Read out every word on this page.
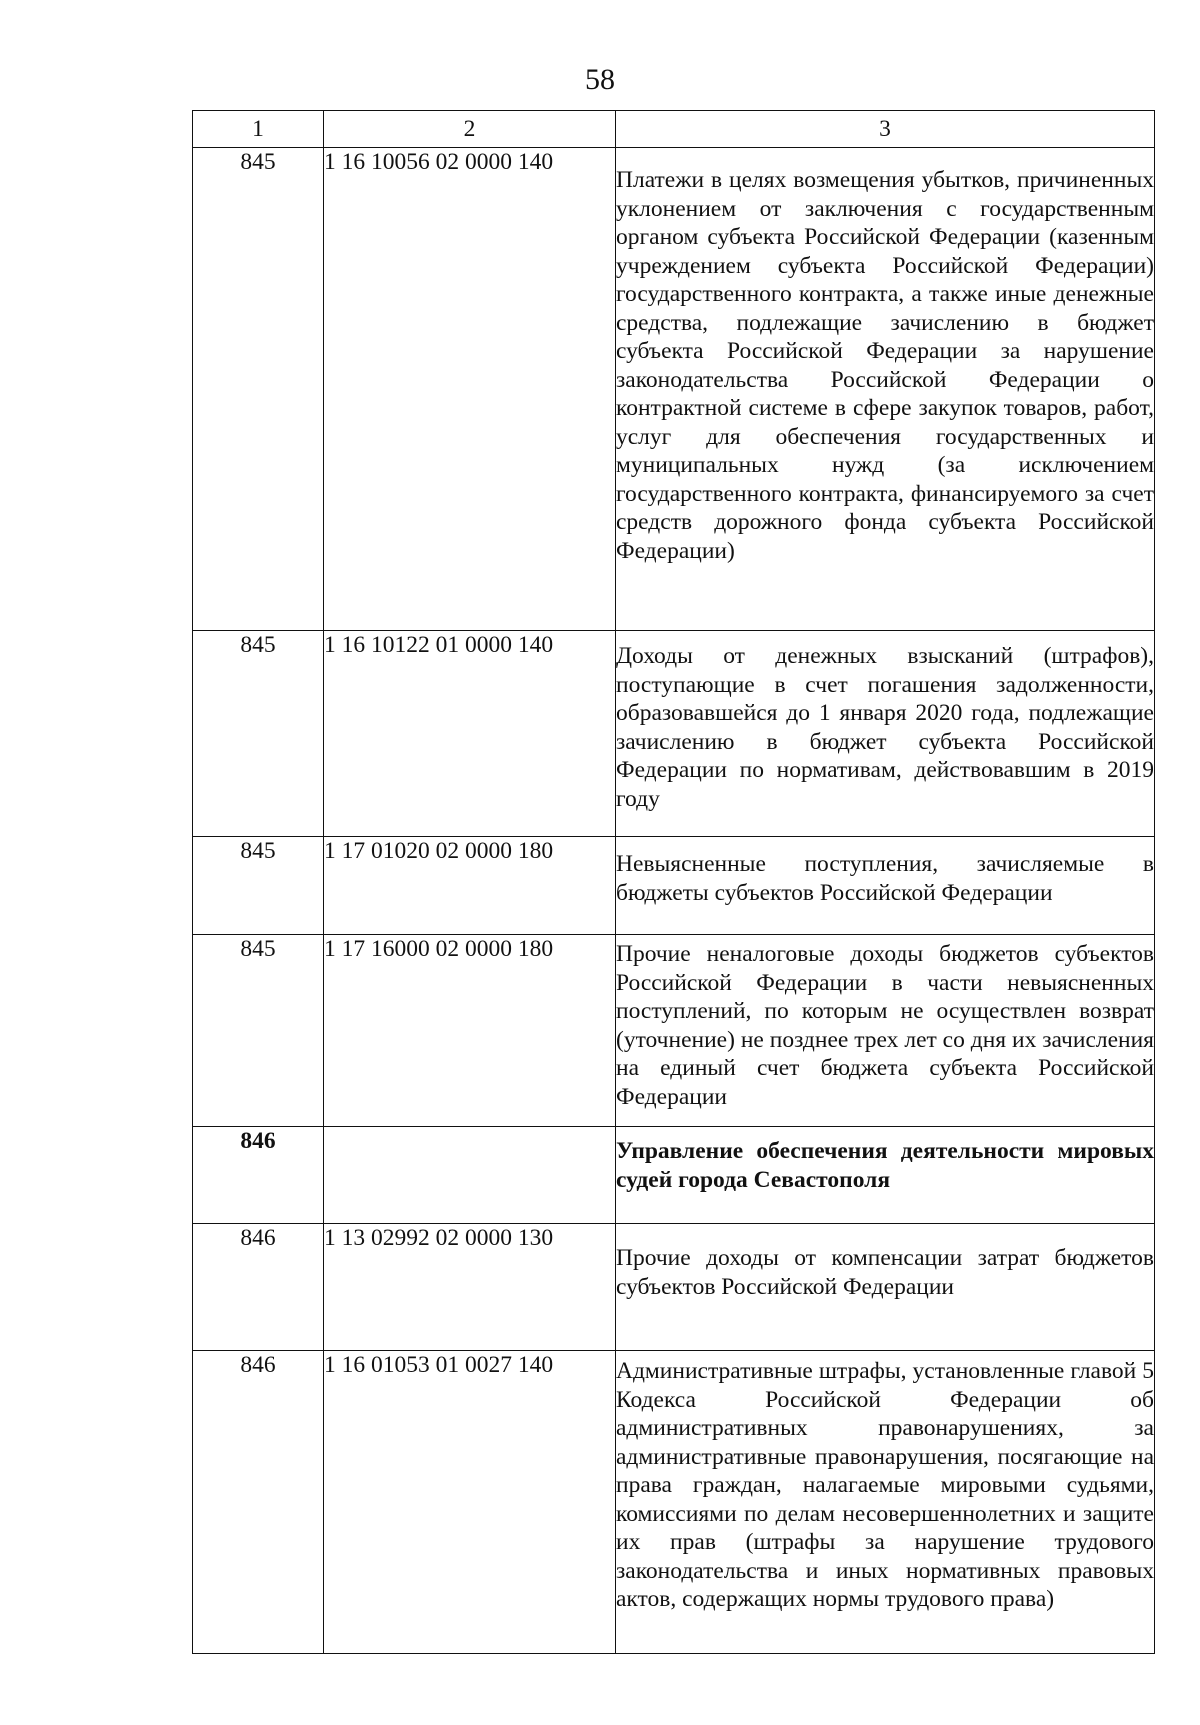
58
1	2	3
845	1 16 10056 02 0000 140	Платежи в целях возмещения убытков, причиненных уклонением от заключения с государственным органом субъекта Российской Федерации (казенным учреждением субъекта Российской Федерации) государственного контракта, а также иные денежные средства, подлежащие зачислению в бюджет субъекта Российской Федерации за нарушение законодательства Российской Федерации о контрактной системе в сфере закупок товаров, работ, услуг для обеспечения государственных и муниципальных нужд (за исключением государственного контракта, финансируемого за счет средств дорожного фонда субъекта Российской Федерации)
845	1 16 10122 01 0000 140	Доходы от денежных взысканий (штрафов), поступающие в счет погашения задолженности, образовавшейся до 1 января 2020 года, подлежащие зачислению в бюджет субъекта Российской Федерации по нормативам, действовавшим в 2019 году
845	1 17 01020 02 0000 180	Невыясненные поступления, зачисляемые в бюджеты субъектов Российской Федерации
845	1 17 16000 02 0000 180	Прочие неналоговые доходы бюджетов субъектов Российской Федерации в части невыясненных поступлений, по которым не осуществлен возврат (уточнение) не позднее трех лет со дня их зачисления на единый счет бюджета субъекта Российской Федерации
846		Управление обеспечения деятельности мировых судей города Севастополя
846	1 13 02992 02 0000 130	Прочие доходы от компенсации затрат бюджетов субъектов Российской Федерации
846	1 16 01053 01 0027 140	Административные штрафы, установленные главой 5 Кодекса Российской Федерации об административных правонарушениях, за административные правонарушения, посягающие на права граждан, налагаемые мировыми судьями, комиссиями по делам несовершеннолетних и защите их прав (штрафы за нарушение трудового законодательства и иных нормативных правовых актов, содержащих нормы трудового права)
